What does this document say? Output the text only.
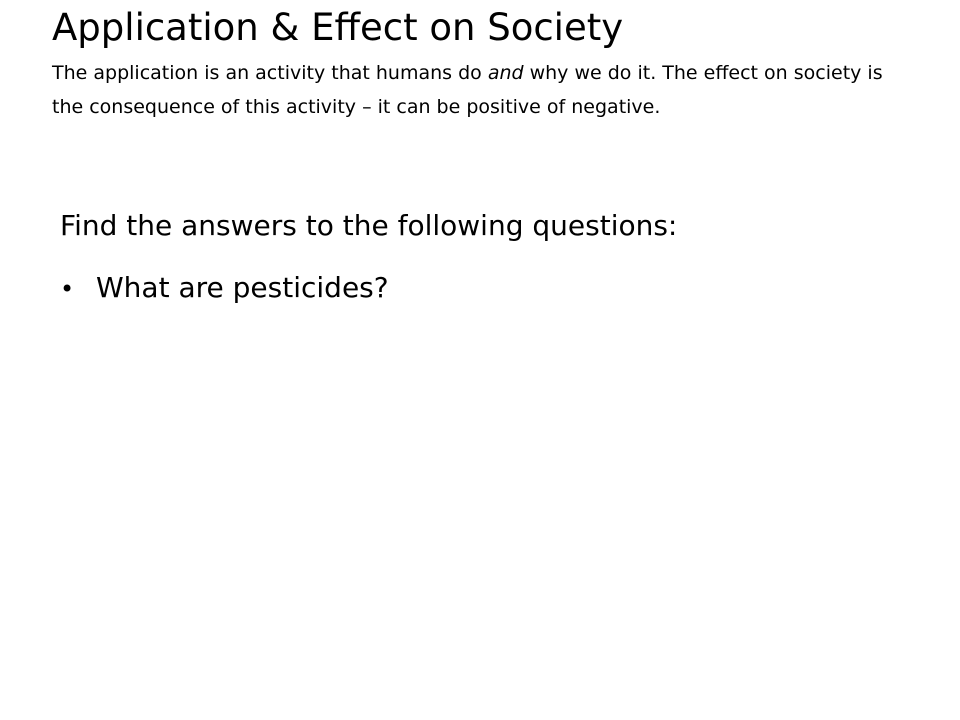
Application & Effect on Society

The application is an activity that humans do and why we do it. The effect on society is the consequence of this activity – it can be positive of negative.

Find the answers to the following questions:

• What are pesticides?
